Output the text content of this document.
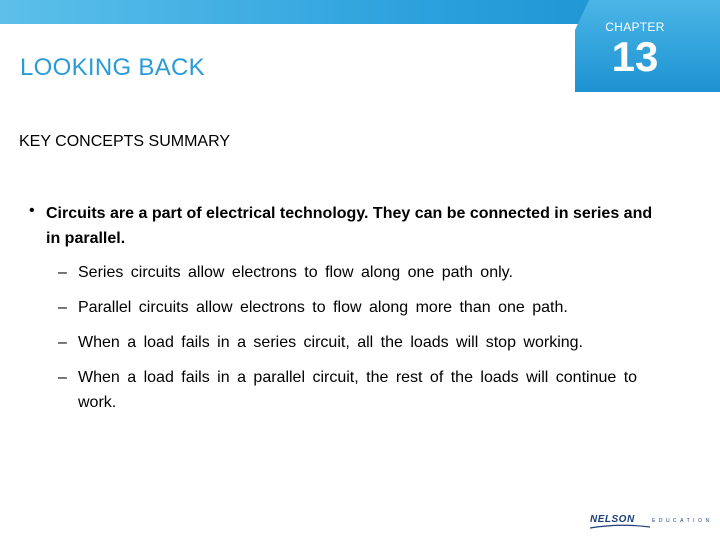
CHAPTER
13
LOOKING BACK
KEY CONCEPTS SUMMARY
• Circuits are a part of electrical technology. They can be connected in series and in parallel.
– Series circuits allow electrons to flow along one path only.
– Parallel circuits allow electrons to flow along more than one path.
– When a load fails in a series circuit, all the loads will stop working.
– When a load fails in a parallel circuit, the rest of the loads will continue to work.
NELSON	EDUCATION
